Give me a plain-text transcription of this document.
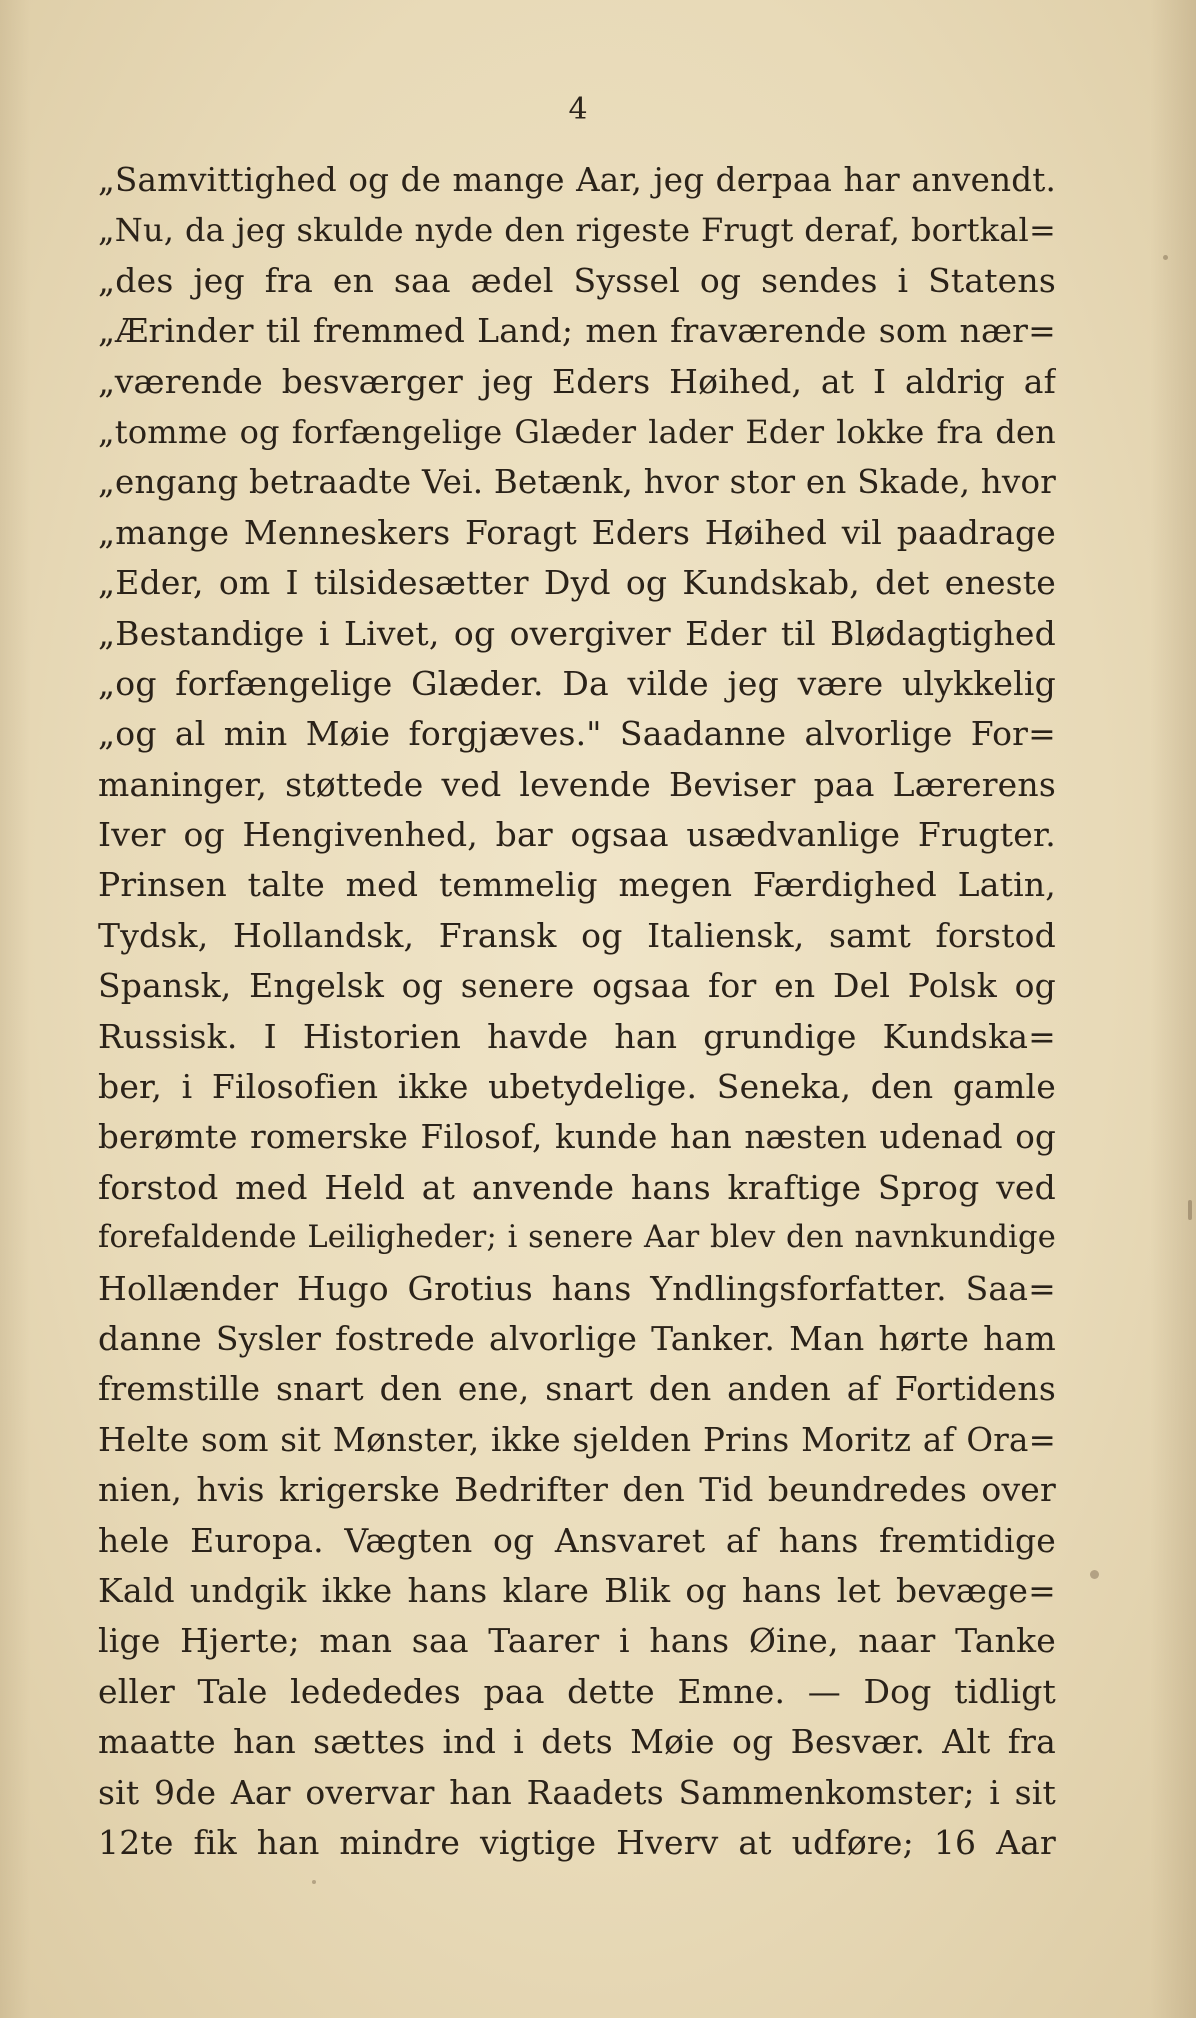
4
„Samvittighed og de mange Aar, jeg derpaa har anvendt.
„Nu, da jeg skulde nyde den rigeste Frugt deraf, bortkal=
„des jeg fra en saa ædel Syssel og sendes i Statens
„Ærinder til fremmed Land; men fraværende som nær=
„værende besværger jeg Eders Høihed, at I aldrig af
„tomme og forfængelige Glæder lader Eder lokke fra den
„engang betraadte Vei. Betænk, hvor stor en Skade, hvor
„mange Menneskers Foragt Eders Høihed vil paadrage
„Eder, om I tilsidesætter Dyd og Kundskab, det eneste
„Bestandige i Livet, og overgiver Eder til Blødagtighed
„og forfængelige Glæder. Da vilde jeg være ulykkelig
„og al min Møie forgjæves." Saadanne alvorlige For=
maninger, støttede ved levende Beviser paa Lærerens
Iver og Hengivenhed, bar ogsaa usædvanlige Frugter.
Prinsen talte med temmelig megen Færdighed Latin,
Tydsk, Hollandsk, Fransk og Italiensk, samt forstod
Spansk, Engelsk og senere ogsaa for en Del Polsk og
Russisk. I Historien havde han grundige Kundska=
ber, i Filosofien ikke ubetydelige. Seneka, den gamle
berømte romerske Filosof, kunde han næsten udenad og
forstod med Held at anvende hans kraftige Sprog ved
forefaldende Leiligheder; i senere Aar blev den navnkundige
Hollænder Hugo Grotius hans Yndlingsforfatter. Saa=
danne Sysler fostrede alvorlige Tanker. Man hørte ham
fremstille snart den ene, snart den anden af Fortidens
Helte som sit Mønster, ikke sjelden Prins Moritz af Ora=
nien, hvis krigerske Bedrifter den Tid beundredes over
hele Europa. Vægten og Ansvaret af hans fremtidige
Kald undgik ikke hans klare Blik og hans let bevæge=
lige Hjerte; man saa Taarer i hans Øine, naar Tanke
eller Tale ledededes paa dette Emne. — Dog tidligt
maatte han sættes ind i dets Møie og Besvær. Alt fra
sit 9de Aar overvar han Raadets Sammenkomster; i sit
12te fik han mindre vigtige Hverv at udføre; 16 Aar
